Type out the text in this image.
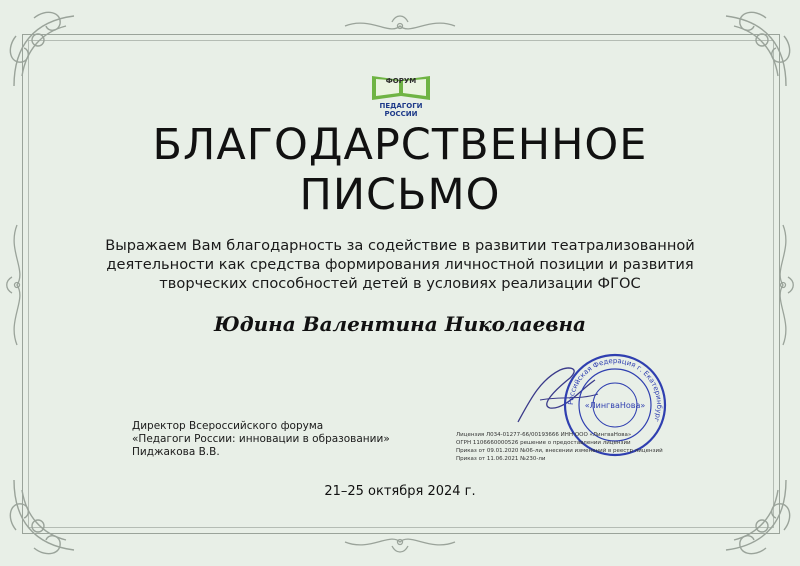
ФОРУМ
ПЕДАГОГИ РОССИИ
БЛАГОДАРСТВЕННОЕ
ПИСЬМО
Выражаем Вам благодарность за содействие в развитии театрализованной
деятельности как средства формирования личностной позиции и развития
творческих способностей детей в условиях реализации ФГОС
Юдина Валентина Николаевна
Директор Всероссийского форума
«Педагоги России: инновации в образовании»
Пиджакова В.В.
Российская Федерация г. Екатеринбург
«ЛингваНова»
Лицензия Л034-01277-66/00193666 ИНН ООО «ЛингваНова»
ОГРН 1106660000526 решение о предоставлении лицензии
Приказ от 09.01.2020 №06-ли, внесении изменений в реестр лицензий
Приказ от 11.06.2021 №230-ли
21–25 октября 2024 г.
